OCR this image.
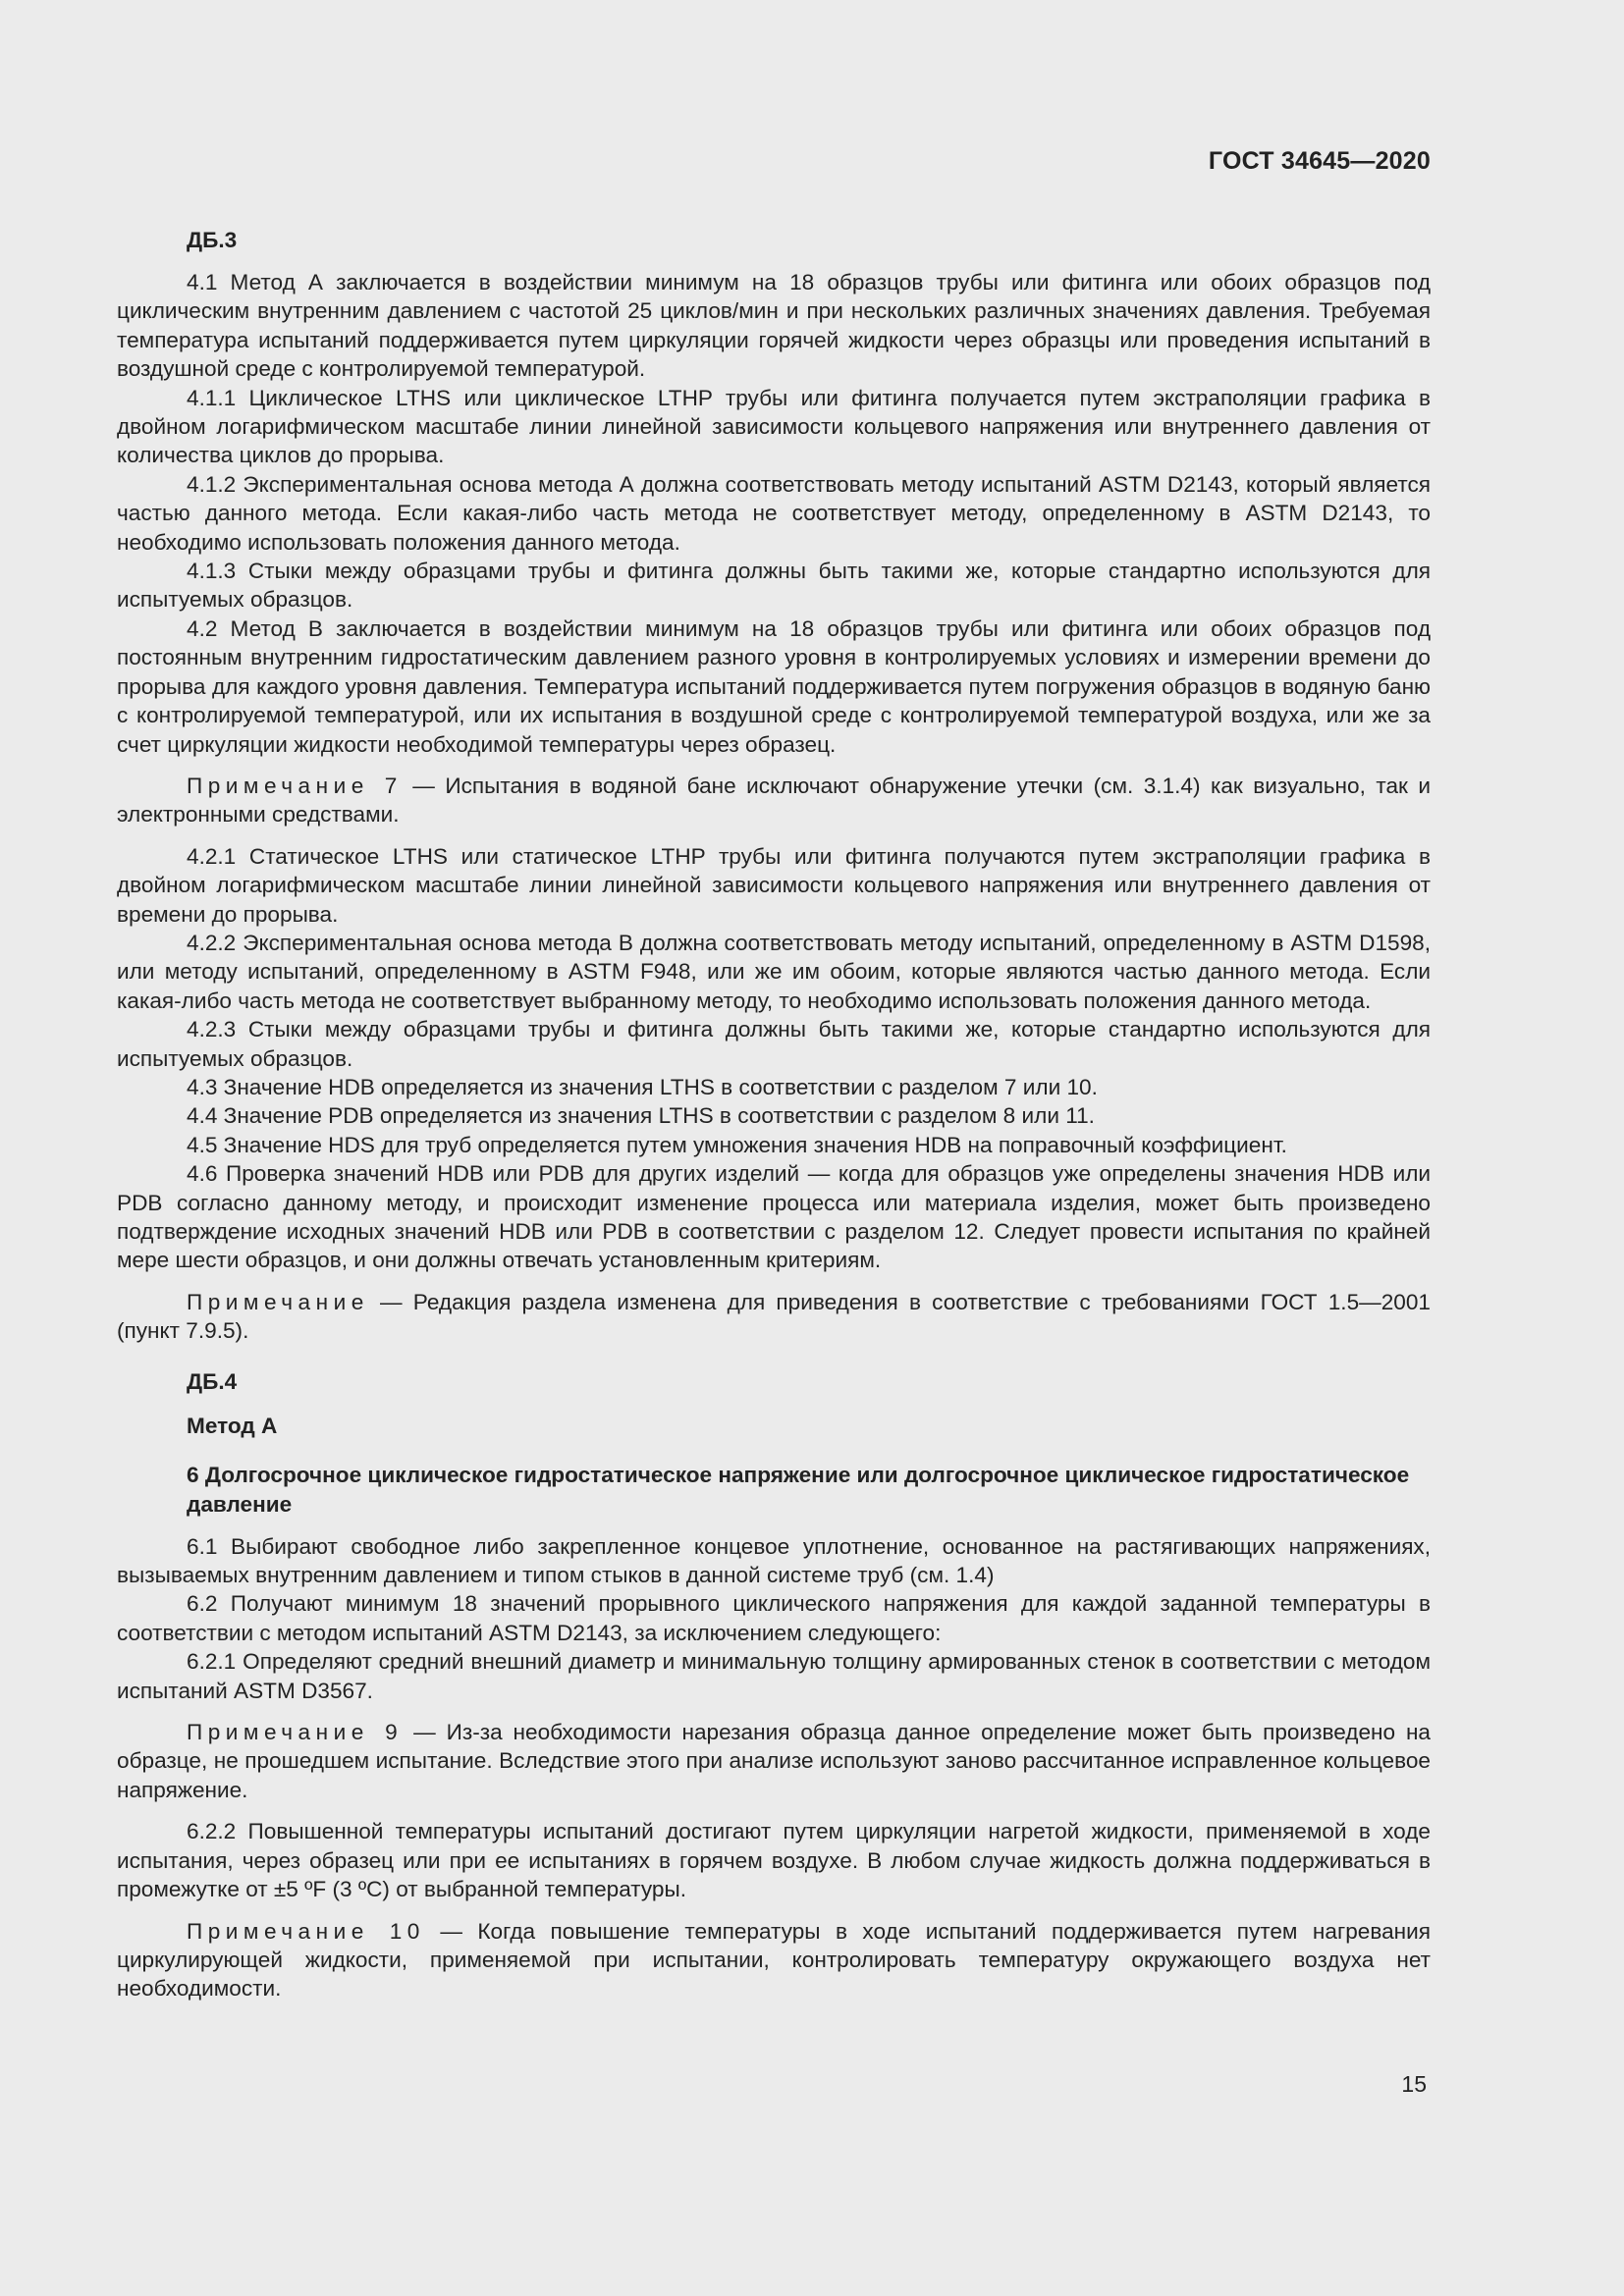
ГОСТ 34645—2020
ДБ.3

4.1 Метод А заключается в воздействии минимум на 18 образцов трубы или фитинга или обоих образцов под циклическим внутренним давлением с частотой 25 циклов/мин и при нескольких различных значениях давления. Требуемая температура испытаний поддерживается путем циркуляции горячей жидкости через образцы или проведения испытаний в воздушной среде с контролируемой температурой.

4.1.1 Циклическое LTHS или циклическое LTHP трубы или фитинга получается путем экстраполяции графика в двойном логарифмическом масштабе линии линейной зависимости кольцевого напряжения или внутреннего давления от количества циклов до прорыва.

4.1.2 Экспериментальная основа метода А должна соответствовать методу испытаний ASTM D2143, который является частью данного метода. Если какая-либо часть метода не соответствует методу, определенному в ASTM D2143, то необходимо использовать положения данного метода.

4.1.3 Стыки между образцами трубы и фитинга должны быть такими же, которые стандартно используются для испытуемых образцов.

4.2 Метод В заключается в воздействии минимум на 18 образцов трубы или фитинга или обоих образцов под постоянным внутренним гидростатическим давлением разного уровня в контролируемых условиях и измерении времени до прорыва для каждого уровня давления. Температура испытаний поддерживается путем погружения образцов в водяную баню с контролируемой температурой, или их испытания в воздушной среде с контролируемой температурой воздуха, или же за счет циркуляции жидкости необходимой температуры через образец.

Примечание 7 — Испытания в водяной бане исключают обнаружение утечки (см. 3.1.4) как визуально, так и электронными средствами.

4.2.1 Статическое LTHS или статическое LTHP трубы или фитинга получаются путем экстраполяции графика в двойном логарифмическом масштабе линии линейной зависимости кольцевого напряжения или внутреннего давления от времени до прорыва.

4.2.2 Экспериментальная основа метода В должна соответствовать методу испытаний, определенному в ASTM D1598, или методу испытаний, определенному в ASTM F948, или же им обоим, которые являются частью данного метода. Если какая-либо часть метода не соответствует выбранному методу, то необходимо использовать положения данного метода.

4.2.3 Стыки между образцами трубы и фитинга должны быть такими же, которые стандартно используются для испытуемых образцов.

4.3 Значение HDB определяется из значения LTHS в соответствии с разделом 7 или 10.

4.4 Значение PDB определяется из значения LTHS в соответствии с разделом 8 или 11.

4.5 Значение HDS для труб определяется путем умножения значения HDB на поправочный коэффициент.

4.6 Проверка значений HDB или PDB для других изделий — когда для образцов уже определены значения HDB или PDB согласно данному методу, и происходит изменение процесса или материала изделия, может быть произведено подтверждение исходных значений HDB или PDB в соответствии с разделом 12. Следует провести испытания по крайней мере шести образцов, и они должны отвечать установленным критериям.

Примечание — Редакция раздела изменена для приведения в соответствие с требованиями ГОСТ 1.5—2001 (пункт 7.9.5).

ДБ.4
Метод А
6 Долгосрочное циклическое гидростатическое напряжение или долгосрочное циклическое гидростатическое давление

6.1 Выбирают свободное либо закрепленное концевое уплотнение, основанное на растягивающих напряжениях, вызываемых внутренним давлением и типом стыков в данной системе труб (см. 1.4)

6.2 Получают минимум 18 значений прорывного циклического напряжения для каждой заданной температуры в соответствии с методом испытаний ASTM D2143, за исключением следующего:

6.2.1 Определяют средний внешний диаметр и минимальную толщину армированных стенок в соответствии с методом испытаний ASTM D3567.

Примечание 9 — Из-за необходимости нарезания образца данное определение может быть произведено на образце, не прошедшем испытание. Вследствие этого при анализе используют заново рассчитанное исправленное кольцевое напряжение.

6.2.2 Повышенной температуры испытаний достигают путем циркуляции нагретой жидкости, применяемой в ходе испытания, через образец или при ее испытаниях в горячем воздухе. В любом случае жидкость должна поддерживаться в промежутке от ±5 ºF (3 ºС) от выбранной температуры.

Примечание 10 — Когда повышение температуры в ходе испытаний поддерживается путем нагревания циркулирующей жидкости, применяемой при испытании, контролировать температуру окружающего воздуха нет необходимости.

15
